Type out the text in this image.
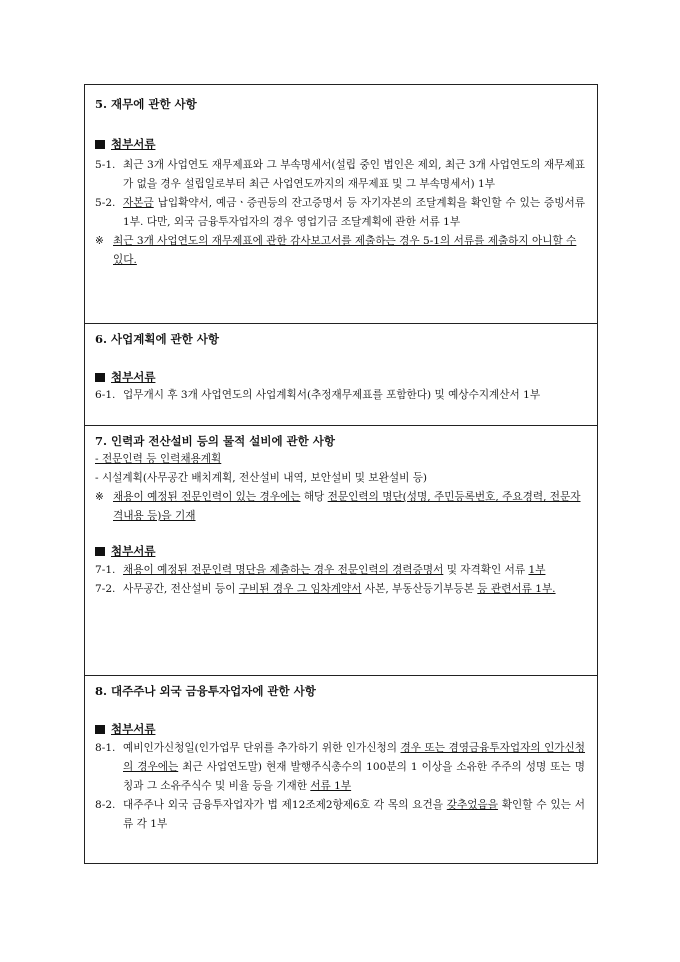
5. 재무에 관한 사항

첨부서류

5-1. 최근 3개 사업연도 재무제표와 그 부속명세서(설립 중인 법인은 제외, 최근 3개 사업연도의 재무제표가 없을 경우 설립일로부터 최근 사업연도까지의 재무제표 및 그 부속명세서) 1부

5-2. 자본금 납입확약서, 예금ㆍ증권등의 잔고증명서 등 자기자본의 조달계획을 확인할 수 있는 증빙서류 1부. 다만, 외국 금융투자업자의 경우 영업기금 조달계획에 관한 서류 1부

※ 최근 3개 사업연도의 재무제표에 관한 감사보고서를 제출하는 경우 5-1의 서류를 제출하지 아니할 수 있다.

6. 사업계획에 관한 사항

첨부서류

6-1. 업무개시 후 3개 사업연도의 사업계획서(추정재무제표를 포함한다) 및 예상수지계산서 1부

7. 인력과 전산설비 등의 물적 설비에 관한 사항

- 전문인력 등 인력채용계획

- 시설계획(사무공간 배치계획, 전산설비 내역, 보안설비 및 보완설비 등)

※ 채용이 예정된 전문인력이 있는 경우에는 해당 전문인력의 명단(성명, 주민등록번호, 주요경력, 전문자격내용 등)을 기재

첨부서류

7-1. 채용이 예정된 전문인력 명단을 제출하는 경우 전문인력의 경력증명서 및 자격확인 서류 1부

7-2. 사무공간, 전산설비 등이 구비된 경우 그 임차계약서 사본, 부동산등기부등본 등 관련서류 1부.

8. 대주주나 외국 금융투자업자에 관한 사항

첨부서류

8-1. 예비인가신청일(인가업무 단위를 추가하기 위한 인가신청의 경우 또는 겸영금융투자업자의 인가신청의 경우에는 최근 사업연도말) 현재 발행주식총수의 100분의 1 이상을 소유한 주주의 성명 또는 명칭과 그 소유주식수 및 비율 등을 기재한 서류 1부

8-2. 대주주나 외국 금융투자업자가 법 제12조제2항제6호 각 목의 요건을 갖추었음을 확인할 수 있는 서류 각 1부
